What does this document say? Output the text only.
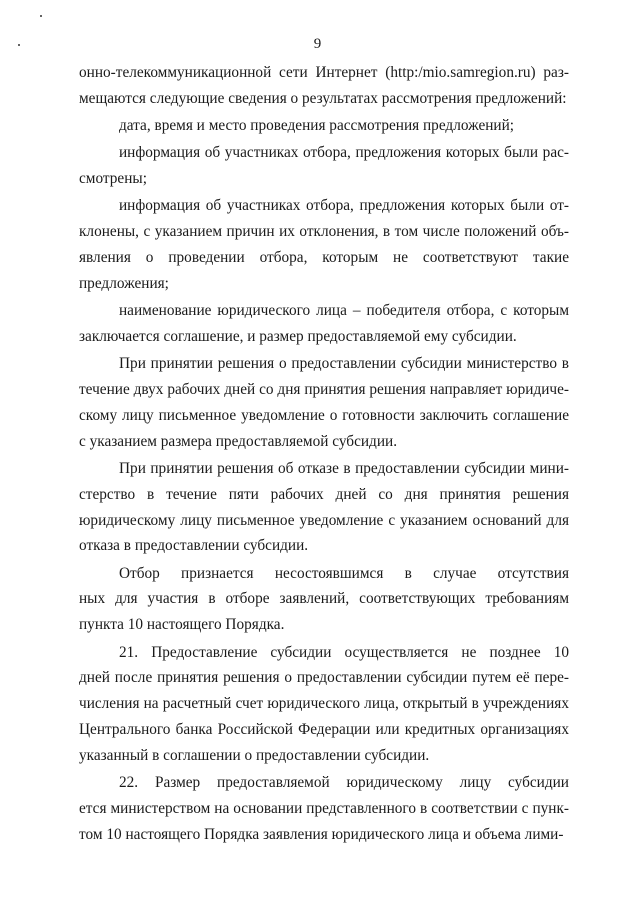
9
онно-телекоммуникационной сети Интернет (http:/mio.samregion.ru) раз-
мещаются следующие сведения о результатах рассмотрения предложений:
дата, время и место проведения рассмотрения предложений;
информация об участниках отбора, предложения которых были рас-
смотрены;
информация об участниках отбора, предложения которых были от-
клонены, с указанием причин их отклонения, в том числе положений объ-
явления о проведении отбора, которым не соответствуют такие
предложения;
наименование юридического лица – победителя отбора, с которым
заключается соглашение, и размер предоставляемой ему субсидии.
При принятии решения о предоставлении субсидии министерство в
течение двух рабочих дней со дня принятия решения направляет юридиче-
скому лицу письменное уведомление о готовности заключить соглашение
с указанием размера предоставляемой субсидии.
При принятии решения об отказе в предоставлении субсидии мини-
стерство в течение пяти рабочих дней со дня принятия решения
юридическому лицу письменное уведомление с указанием оснований для
отказа в предоставлении субсидии.
Отбор признается несостоявшимся в случае отсутствия
ных для участия в отборе заявлений, соответствующих требованиям
пункта 10 настоящего Порядка.
21. Предоставление субсидии осуществляется не позднее 10
дней после принятия решения о предоставлении субсидии путем её пере-
числения на расчетный счет юридического лица, открытый в учреждениях
Центрального банка Российской Федерации или кредитных организациях
указанный в соглашении о предоставлении субсидии.
22. Размер предоставляемой юридическому лицу субсидии
ется министерством на основании представленного в соответствии с пунк-
том 10 настоящего Порядка заявления юридического лица и объема лими-
